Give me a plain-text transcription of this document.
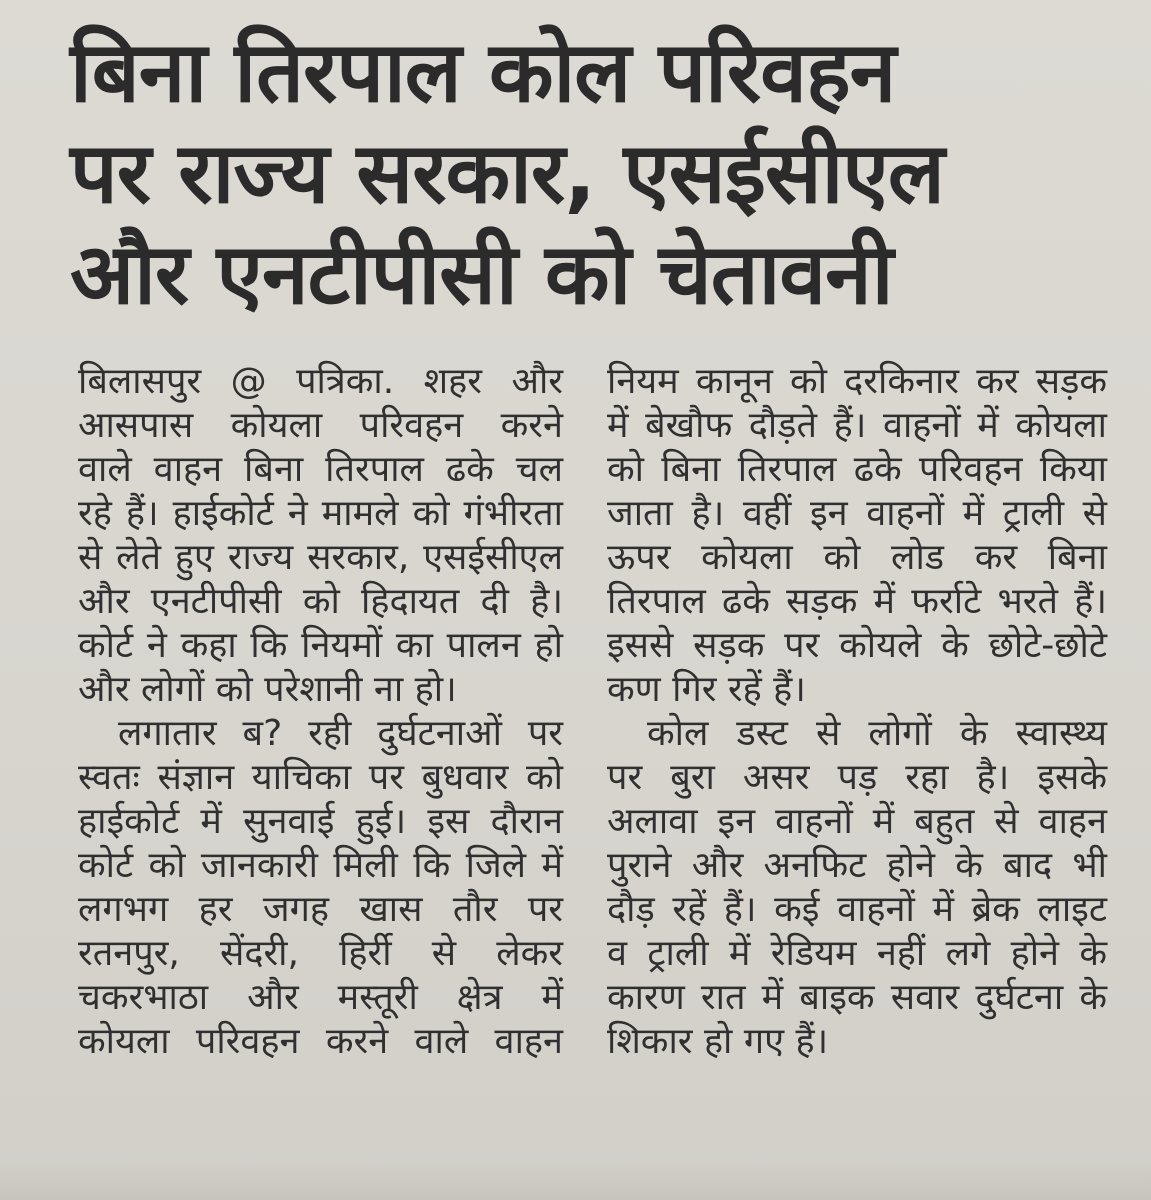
बिना तिरपाल कोल परिवहन
पर राज्य सरकार, एसईसीएल
और एनटीपीसी को चेतावनी
बिलासपुर @ पत्रिका. शहर और
आसपास कोयला परिवहन करने
वाले वाहन बिना तिरपाल ढके चल
रहे हैं। हाईकोर्ट ने मामले को गंभीरता
से लेते हुए राज्य सरकार, एसईसीएल
और एनटीपीसी को हिदायत दी है।
कोर्ट ने कहा कि नियमों का पालन हो
और लोगों को परेशानी ना हो।
लगातार ब? रही दुर्घटनाओं पर
स्वतः संज्ञान याचिका पर बुधवार को
हाईकोर्ट में सुनवाई हुई। इस दौरान
कोर्ट को जानकारी मिली कि जिले में
लगभग हर जगह खास तौर पर
रतनपुर, सेंदरी, हिर्री से लेकर
चकरभाठा और मस्तूरी क्षेत्र में
कोयला परिवहन करने वाले वाहन
नियम कानून को दरकिनार कर सड़क
में बेखौफ दौड़ते हैं। वाहनों में कोयला
को बिना तिरपाल ढके परिवहन किया
जाता है। वहीं इन वाहनों में ट्राली से
ऊपर कोयला को लोड कर बिना
तिरपाल ढके सड़क में फर्राटे भरते हैं।
इससे सड़क पर कोयले के छोटे-छोटे
कण गिर रहें हैं।
कोल डस्ट से लोगों के स्वास्थ्य
पर बुरा असर पड़ रहा है। इसके
अलावा इन वाहनों में बहुत से वाहन
पुराने और अनफिट होने के बाद भी
दौड़ रहें हैं। कई वाहनों में ब्रेक लाइट
व ट्राली में रेडियम नहीं लगे होने के
कारण रात में बाइक सवार दुर्घटना के
शिकार हो गए हैं।
